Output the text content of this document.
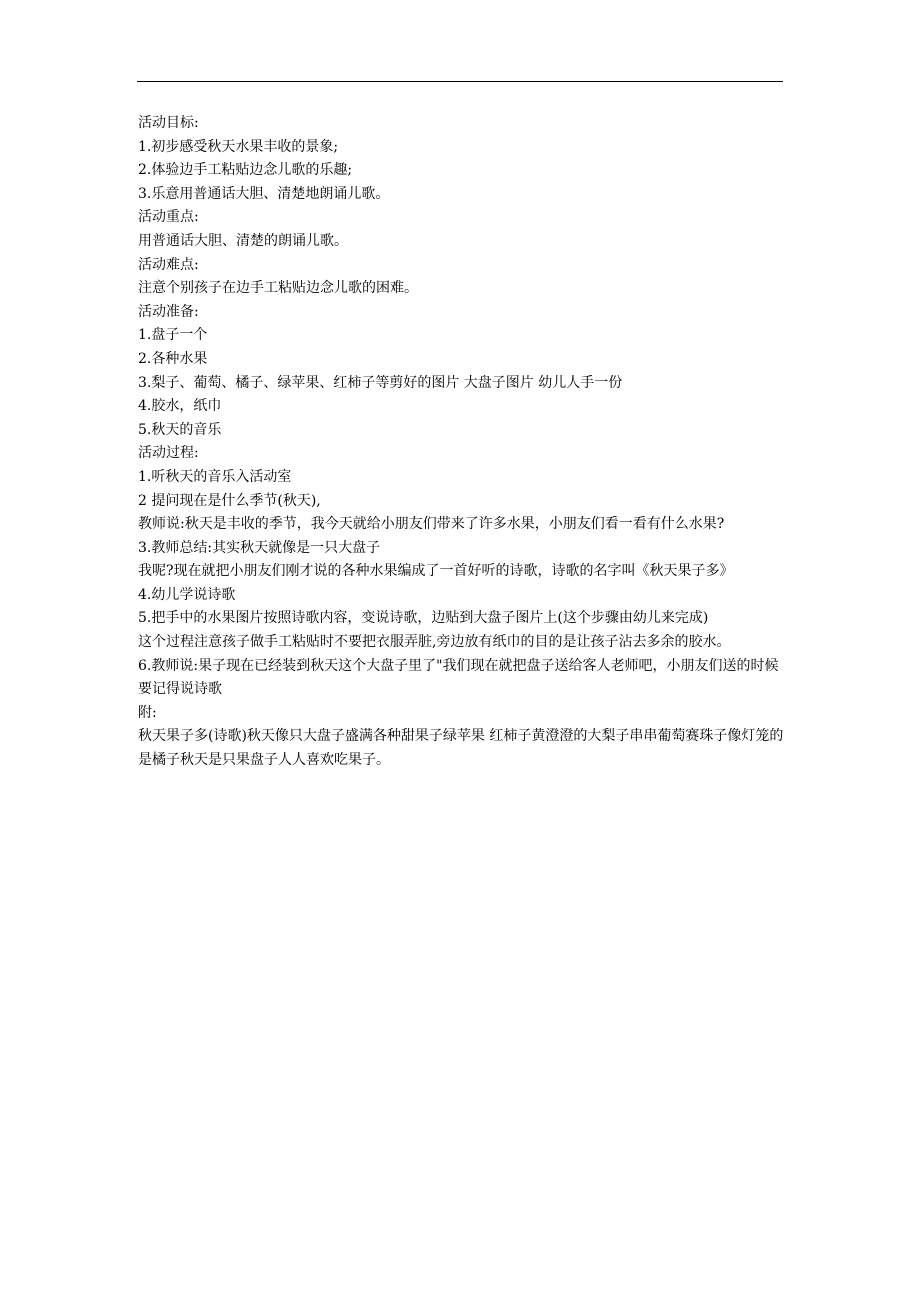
活动目标:

1.初步感受秋天水果丰收的景象;

2.体验边手工粘贴边念儿歌的乐趣;

3.乐意用普通话大胆、清楚地朗诵儿歌。

活动重点:

用普通话大胆、清楚的朗诵儿歌。

活动难点:

注意个别孩子在边手工粘贴边念儿歌的困难。

活动准备:

1.盘子一个

2.各种水果

3.梨子、葡萄、橘子、绿苹果、红柿子等剪好的图片 大盘子图片 幼儿人手一份

4.胶水，纸巾

5.秋天的音乐

活动过程:

1.听秋天的音乐入活动室

2 提问现在是什么季节(秋天),

教师说:秋天是丰收的季节，我今天就给小朋友们带来了许多水果，小朋友们看一看有什么水果?

3.教师总结:其实秋天就像是一只大盘子

我呢?现在就把小朋友们刚才说的各种水果编成了一首好听的诗歌，诗歌的名字叫《秋天果子多》

4.幼儿学说诗歌

5.把手中的水果图片按照诗歌内容，变说诗歌，边贴到大盘子图片上(这个步骤由幼儿来完成)

这个过程注意孩子做手工粘贴时不要把衣服弄脏,旁边放有纸巾的目的是让孩子沾去多余的胶水。

6.教师说:果子现在已经装到秋天这个大盘子里了"我们现在就把盘子送给客人老师吧，小朋友们送的时候要记得说诗歌

附:

秋天果子多(诗歌)秋天像只大盘子盛满各种甜果子绿苹果 红柿子黄澄澄的大梨子串串葡萄赛珠子像灯笼的是橘子秋天是只果盘子人人喜欢吃果子。
